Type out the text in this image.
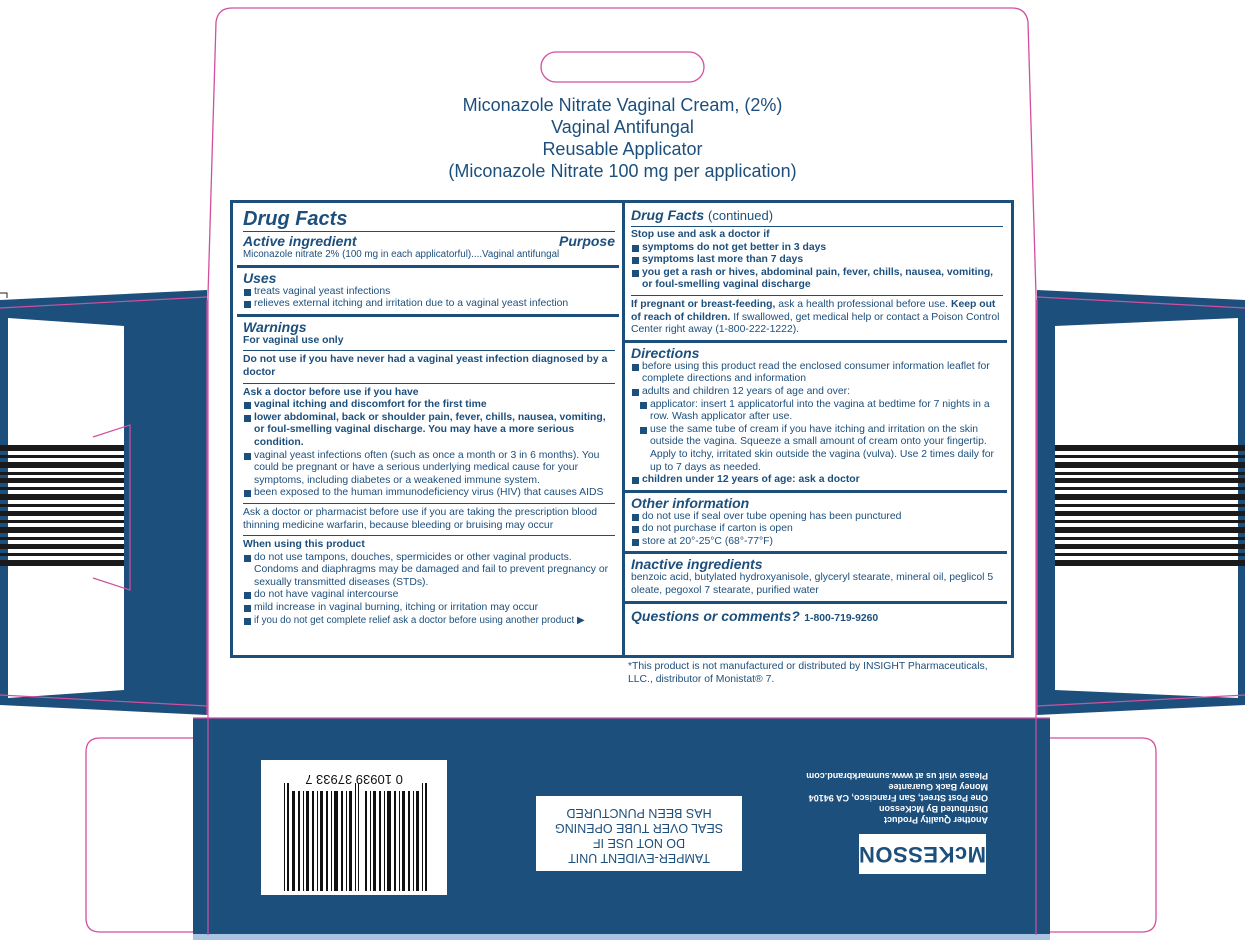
Miconazole Nitrate Vaginal Cream, (2%)
Vaginal Antifungal
Reusable Applicator
(Miconazole Nitrate 100 mg per application)
Drug Facts
Active ingredient	Purpose
Miconazole nitrate 2% (100 mg in each applicatorful)....Vaginal antifungal
Uses
treats vaginal yeast infections
relieves external itching and irritation due to a vaginal yeast infection
Warnings
For vaginal use only
Do not use if you have never had a vaginal yeast infection diagnosed by a doctor
Ask a doctor before use if you have
vaginal itching and discomfort for the first time
lower abdominal, back or shoulder pain, fever, chills, nausea, vomiting, or foul-smelling vaginal discharge. You may have a more serious condition.
vaginal yeast infections often (such as once a month or 3 in 6 months). You could be pregnant or have a serious underlying medical cause for your symptoms, including diabetes or a weakened immune system.
been exposed to the human immunodeficiency virus (HIV) that causes AIDS
Ask a doctor or pharmacist before use if you are taking the prescription blood thinning medicine warfarin, because bleeding or bruising may occur
When using this product
do not use tampons, douches, spermicides or other vaginal products. Condoms and diaphragms may be damaged and fail to prevent pregnancy or sexually transmitted diseases (STDs).
do not have vaginal intercourse
mild increase in vaginal burning, itching or irritation may occur
if you do not get complete relief ask a doctor before using another product ▶
Drug Facts (continued)
Stop use and ask a doctor if
symptoms do not get better in 3 days
symptoms last more than 7 days
you get a rash or hives, abdominal pain, fever, chills, nausea, vomiting, or foul-smelling vaginal discharge
If pregnant or breast-feeding, ask a health professional before use. Keep out of reach of children. If swallowed, get medical help or contact a Poison Control Center right away (1-800-222-1222).
Directions
before using this product read the enclosed consumer information leaflet for complete directions and information
adults and children 12 years of age and over:
applicator: insert 1 applicatorful into the vagina at bedtime for 7 nights in a row. Wash applicator after use.
use the same tube of cream if you have itching and irritation on the skin outside the vagina. Squeeze a small amount of cream onto your fingertip. Apply to itchy, irritated skin outside the vagina (vulva). Use 2 times daily for up to 7 days as needed.
children under 12 years of age: ask a doctor
Other information
do not use if seal over tube opening has been punctured
do not purchase if carton is open
store at 20°-25°C (68°-77°F)
Inactive ingredients
benzoic acid, butylated hydroxyanisole, glyceryl stearate, mineral oil, peglicol 5 oleate, pegoxol 7 stearate, purified water
Questions or comments? 1-800-719-9260
*This product is not manufactured or distributed by INSIGHT Pharmaceuticals, LLC., distributor of Monistat® 7.
0 10939 37933 7
TAMPER-EVIDENT UNIT
DO NOT USE IF
SEAL OVER TUBE OPENING
HAS BEEN PUNCTURED
McKESSON
Another Quality Product
Distributed By McKesson
One Post Street, San Francisco, CA 94104
Money Back Guarantee
Please visit us at www.sunmarkbrand.com
